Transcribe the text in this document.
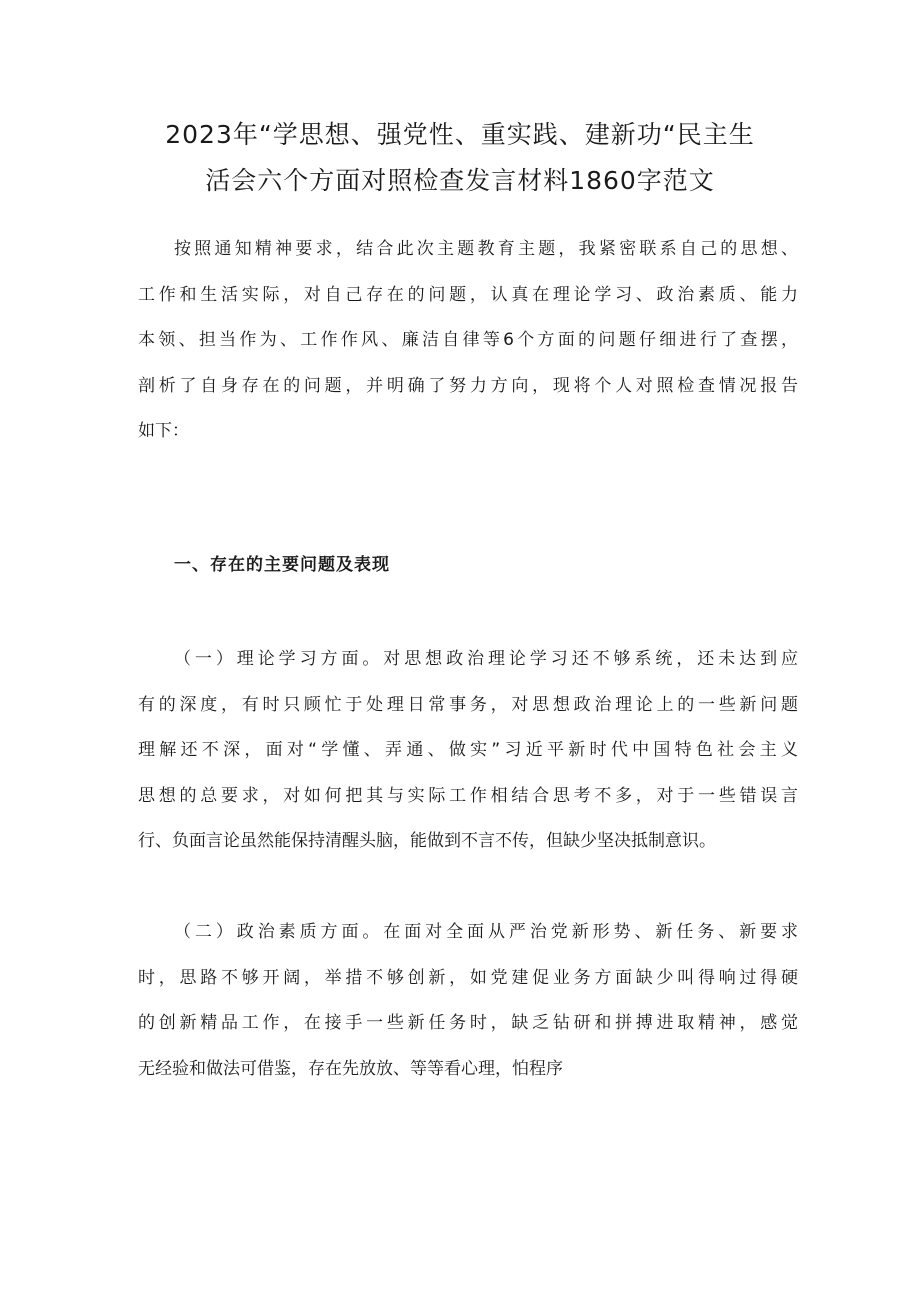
2023年“学思想、强党性、重实践、建新功“民主生
活会六个方面对照检查发言材料1860字范文

按照通知精神要求，结合此次主题教育主题，我紧密联系自己的思想、
工作和生活实际，对自己存在的问题，认真在理论学习、政治素质、能力
本领、担当作为、工作作风、廉洁自律等6个方面的问题仔细进行了查摆，
剖析了自身存在的问题，并明确了努力方向，现将个人对照检查情况报告
如下：

一、存在的主要问题及表现

（一）理论学习方面。对思想政治理论学习还不够系统，还未达到应
有的深度，有时只顾忙于处理日常事务，对思想政治理论上的一些新问题
理解还不深，面对“学懂、弄通、做实”习近平新时代中国特色社会主义
思想的总要求，对如何把其与实际工作相结合思考不多，对于一些错误言
行、负面言论虽然能保持清醒头脑，能做到不言不传，但缺少坚决抵制意识。

（二）政治素质方面。在面对全面从严治党新形势、新任务、新要求
时，思路不够开阔，举措不够创新，如党建促业务方面缺少叫得响过得硬
的创新精品工作，在接手一些新任务时，缺乏钻研和拼搏进取精神，感觉
无经验和做法可借鉴，存在先放放、等等看心理，怕程序
